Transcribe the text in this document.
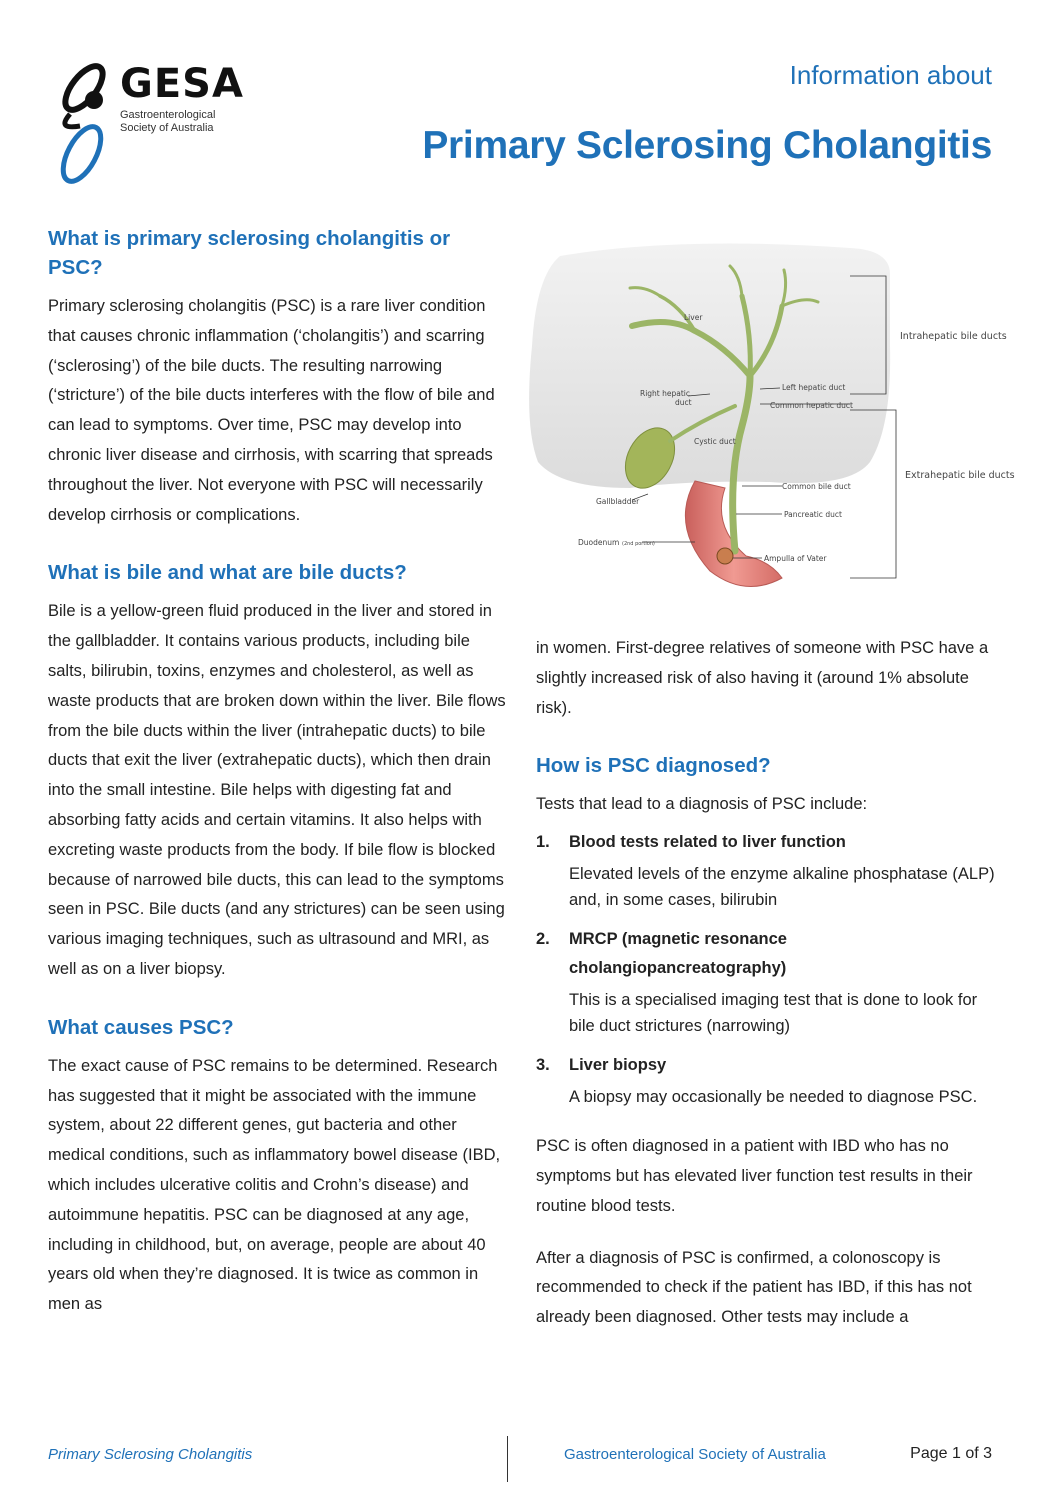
GESA
Gastroenterological
Society of Australia
Information about
Primary Sclerosing Cholangitis
What is primary sclerosing cholangitis or PSC?

Primary sclerosing cholangitis (PSC) is a rare liver condition that causes chronic inflammation (‘cholangitis’) and scarring (‘sclerosing’) of the bile ducts. The resulting narrowing (‘stricture’) of the bile ducts interferes with the flow of bile and can lead to symptoms. Over time, PSC may develop into chronic liver disease and cirrhosis, with scarring that spreads throughout the liver. Not everyone with PSC will necessarily develop cirrhosis or complications.

What is bile and what are bile ducts?

Bile is a yellow-green fluid produced in the liver and stored in the gallbladder. It contains various products, including bile salts, bilirubin, toxins, enzymes and cholesterol, as well as waste products that are broken down within the liver. Bile flows from the bile ducts within the liver (intrahepatic ducts) to bile ducts that exit the liver (extrahepatic ducts), which then drain into the small intestine. Bile helps with digesting fat and absorbing fatty acids and certain vitamins. It also helps with excreting waste products from the body. If bile flow is blocked because of narrowed bile ducts, this can lead to the symptoms seen in PSC. Bile ducts (and any strictures) can be seen using various imaging techniques, such as ultrasound and MRI, as well as on a liver biopsy.

What causes PSC?

The exact cause of PSC remains to be determined. Research has suggested that it might be associated with the immune system, about 22 different genes, gut bacteria and other medical conditions, such as inflammatory bowel disease (IBD, which includes ulcerative colitis and Crohn’s disease) and autoimmune hepatitis. PSC can be diagnosed at any age, including in childhood, but, on average, people are about 40 years old when they’re diagnosed. It is twice as common in men as

Liver
Right hepatic
duct
Left hepatic duct
Common hepatic duct
Cystic duct
Gallbladder
Common bile duct
Pancreatic duct
Duodenum (2nd portion)
Ampulla of Vater
Intrahepatic bile ducts
Extrahepatic bile ducts

in women. First-degree relatives of someone with PSC have a slightly increased risk of also having it (around 1% absolute risk).

How is PSC diagnosed?

Tests that lead to a diagnosis of PSC include:

1. Blood tests related to liver function
Elevated levels of the enzyme alkaline phosphatase (ALP) and, in some cases, bilirubin
2. MRCP (magnetic resonance cholangiopancreatography)
This is a specialised imaging test that is done to look for bile duct strictures (narrowing)
3. Liver biopsy
A biopsy may occasionally be needed to diagnose PSC.

PSC is often diagnosed in a patient with IBD who has no symptoms but has elevated liver function test results in their routine blood tests.

After a diagnosis of PSC is confirmed, a colonoscopy is recommended to check if the patient has IBD, if this has not already been diagnosed. Other tests may include a

Primary Sclerosing Cholangitis	Gastroenterological Society of Australia	Page 1 of 3
